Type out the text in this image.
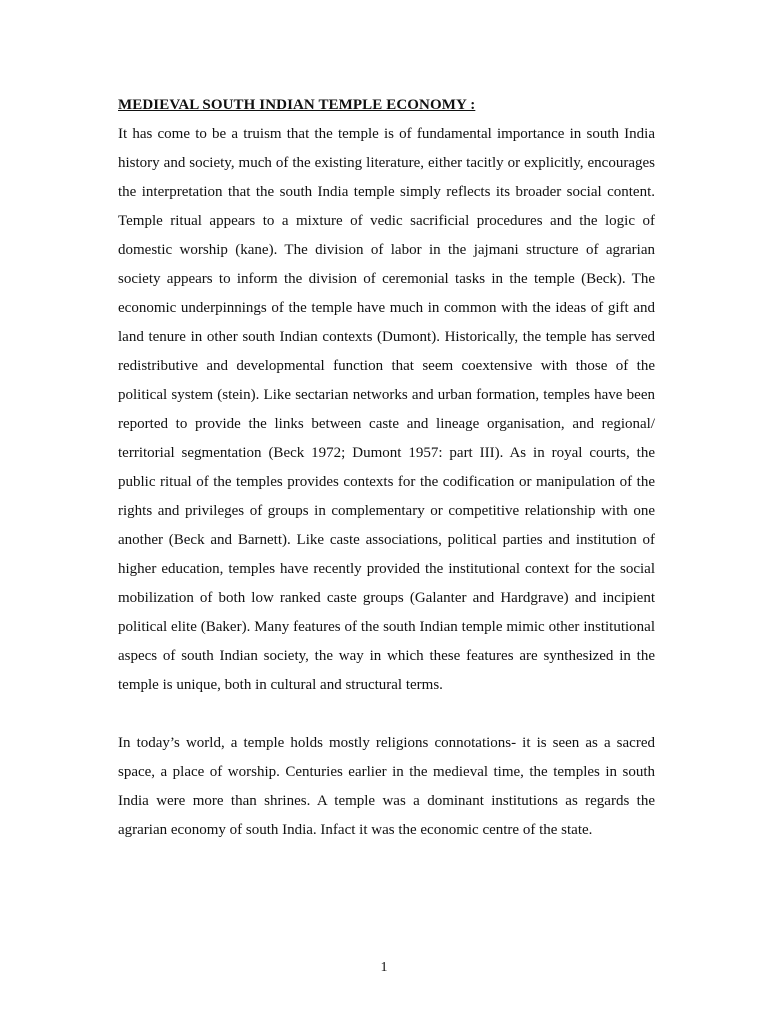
MEDIEVAL SOUTH INDIAN TEMPLE ECONOMY :

It has come to be a truism that the temple is of fundamental importance in south India history and society, much of the existing literature, either tacitly or explicitly, encourages the interpretation that the south India temple simply reflects its broader social content. Temple ritual appears to a mixture of vedic sacrificial procedures and the logic of domestic worship (kane). The division of labor in the jajmani structure of agrarian society appears to inform the division of ceremonial tasks in the temple (Beck). The economic underpinnings of the temple have much in common with the ideas of gift and land tenure in other south Indian contexts (Dumont). Historically, the temple has served redistributive and developmental function that seem coextensive with those of the political system (stein). Like sectarian networks and urban formation, temples have been reported to provide the links between caste and lineage organisation, and regional/ territorial segmentation (Beck 1972; Dumont 1957: part III). As in royal courts, the public ritual of the temples provides contexts for the codification or manipulation of the rights and privileges of groups in complementary or competitive relationship with one another (Beck and Barnett). Like caste associations, political parties and institution of higher education, temples have recently provided the institutional context for the social mobilization of both low ranked caste groups (Galanter and Hardgrave) and incipient political elite (Baker). Many features of the south Indian temple mimic other institutional aspecs of south Indian society, the way in which these features are synthesized in the temple is unique, both in cultural and structural terms.

In today’s world, a temple holds mostly religions connotations- it is seen as a sacred space, a place of worship. Centuries earlier in the medieval time, the temples in south India were more than shrines. A temple was a dominant institutions as regards the agrarian economy of south India. Infact it was the economic centre of the state.

1
